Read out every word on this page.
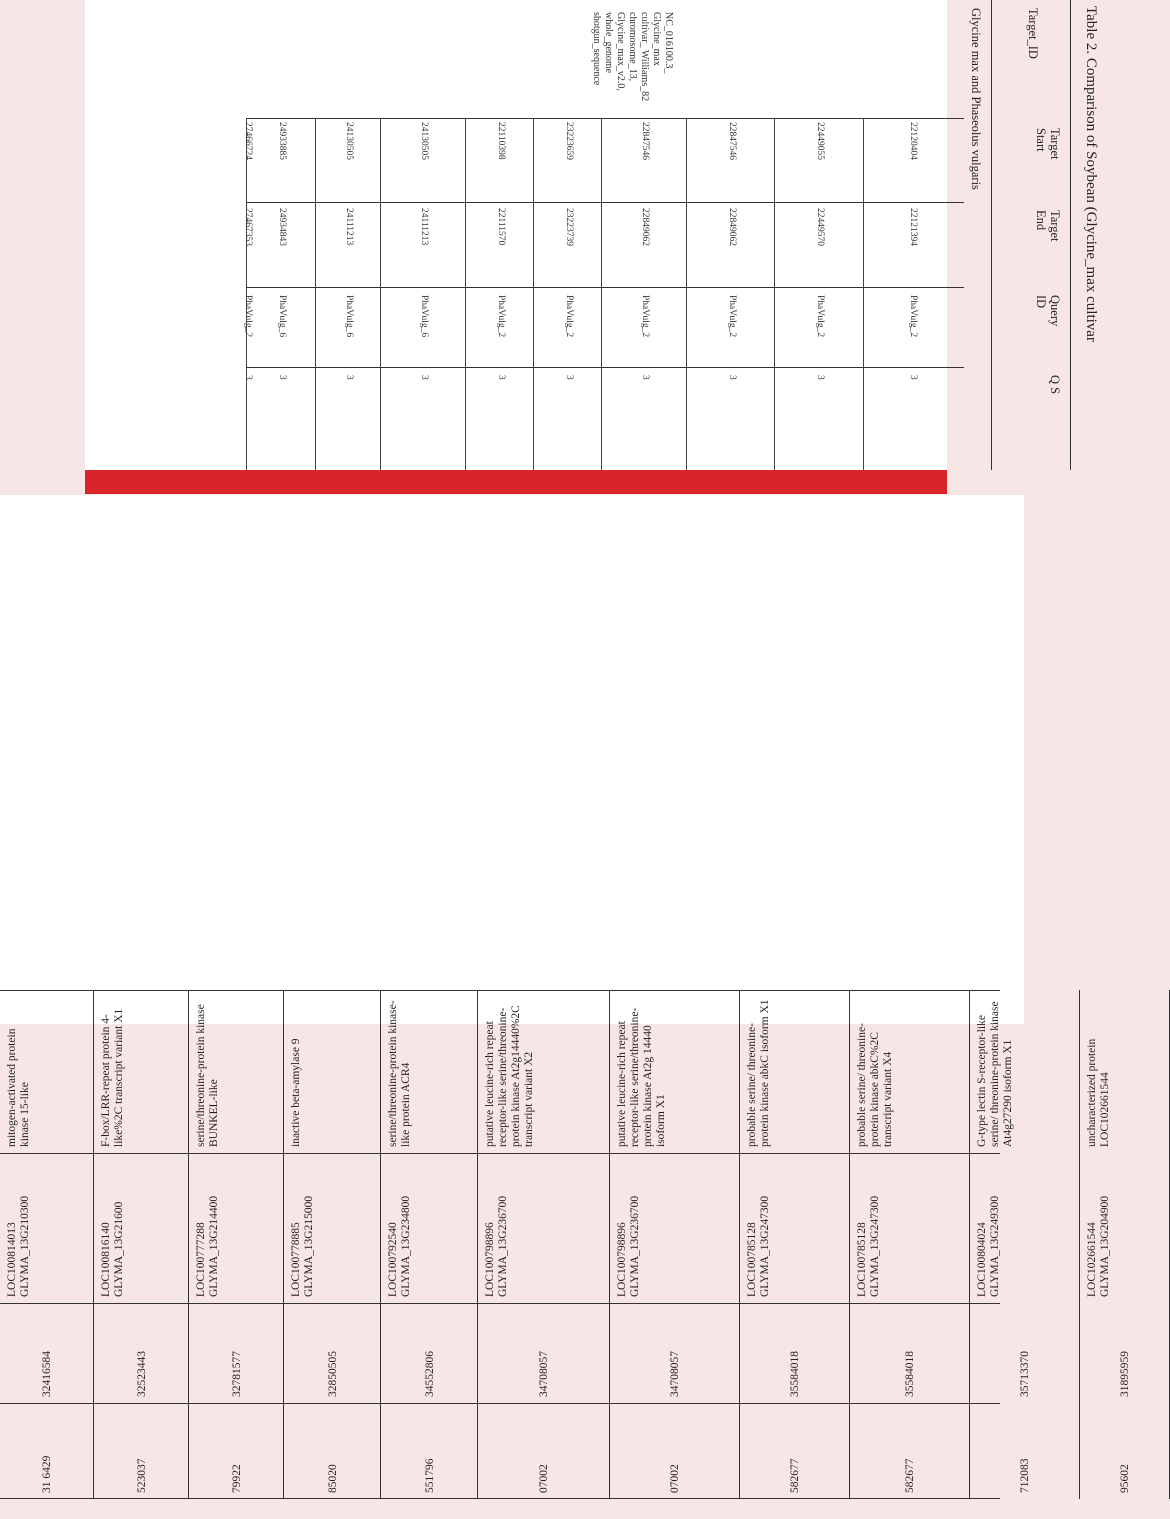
Table 2. Comparison of Soybean (Glycine_max cultivar
Target_ID
Target Start
Target End
Query ID
Q S
Glycine max and Phaseolus vulgaris
NC_016100.3_ Glycine_max cultivar_ Williams_82 chromosome_13, Glycine_max_v2.0, whole_genome shotgun_sequence
22120404
22121394
PhaVulg_2
3
22449055
22449570
PhaVulg_2
3
22847546
22849062
PhaVulg_2
3
22847546
22849062
PhaVulg_2
3
23223659
23223739
PhaVulg_2
3
22110398
22111570
PhaVulg_2
3
24130505
24111213
PhaVulg_6
3
24130505
24111213
PhaVulg_6
3
24933885
24934843
PhaVulg_6
3
27466724
27467353
PhaVulg_2
3
31 6429
32416584
LOC100814013 GLYMA_13G210300
mitogen-activated protein kinase 15-like
523037
32523443
LOC100816140 GLYMA_13G21600
F-box/LRR-repeat protein 4-like%2C transcript variant X1
79922
32781577
LOC100777288 GLYMA_13G214400
serine/threonine-protein kinase BUNKEL-like
85020
32850505
LOC100778885 GLYMA_13G215000
inactive beta-amylase 9
551796
34552806
LOC100792540 GLYMA_13G234800
serine/threonine-protein kinase-like protein ACR4
07002
34708057
LOC100798896 GLYMA_13G236700
putative leucine-rich repeat receptor-like serine/threonine-protein kinase At2g14440%2C transcript variant X2
07002
34708057
LOC100798896 GLYMA_13G236700
putative leucine-rich repeat receptor-like serine/threonine-protein kinase At2g 14440 isoform X1
582677
35584018
LOC100785128 GLYMA_13G247300
probable serine/ threonine-protein kinase abkC isoform X1
582677
35584018
LOC100785128 GLYMA_13G247300
probable serine/ threonine-protein kinase abkC%2C transcript variant X4
712083
35713370
LOC100804024 GLYMA_13G249300
G-type lectin S-receptor-like serine/ threonine-protein kinase At4g27290 isoform X1
95602
31895959
LOC102661544 GLYMA_13G204900
uncharacterized protein LOC102661544
